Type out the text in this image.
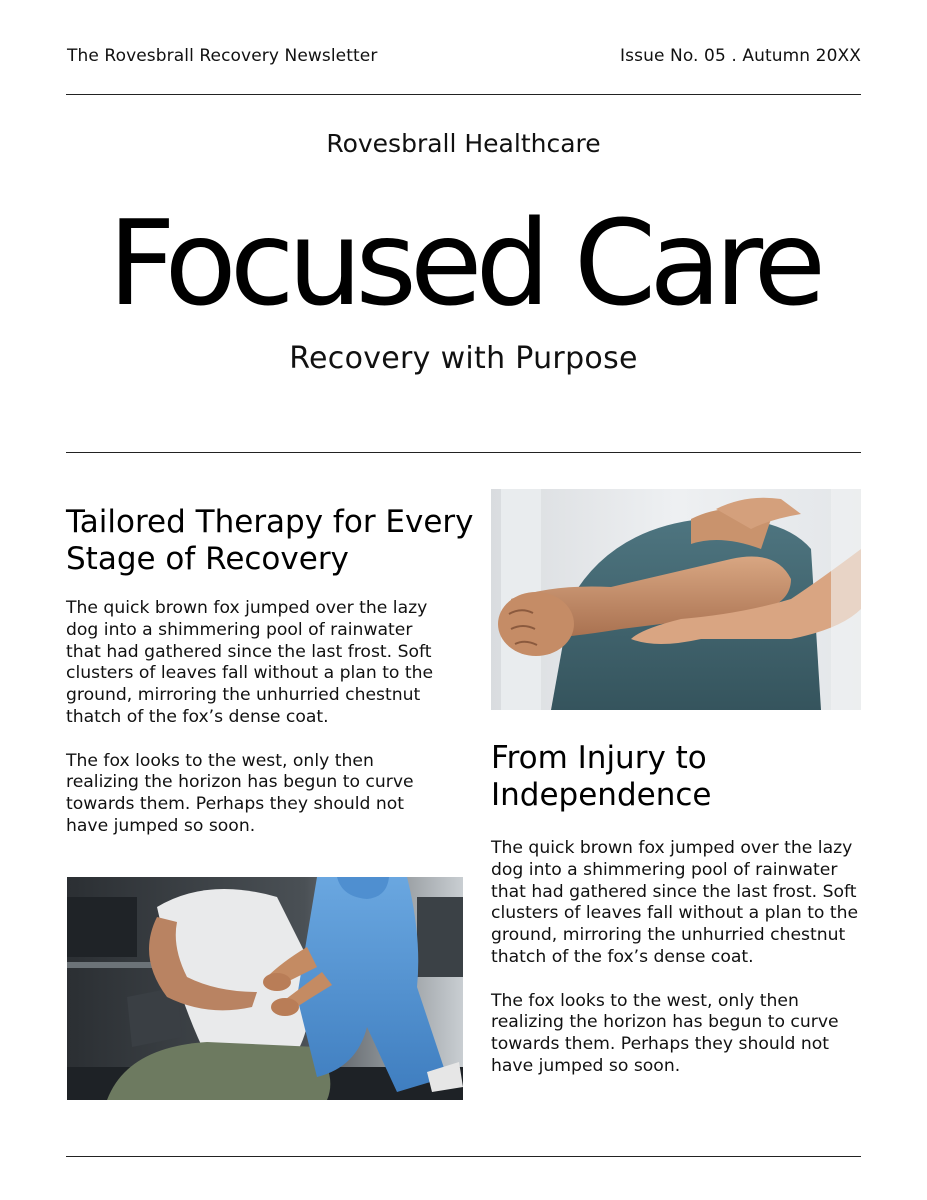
The Rovesbrall Recovery Newsletter	Issue No. 05 . Autumn 20XX
Rovesbrall Healthcare
Focused Care
Recovery with Purpose
Tailored Therapy for Every Stage of Recovery

The quick brown fox jumped over the lazy dog into a shimmering pool of rainwater that had gathered since the last frost. Soft clusters of leaves fall without a plan to the ground, mirroring the unhurried chestnut thatch of the fox’s dense coat.

The fox looks to the west, only then realizing the horizon has begun to curve towards them. Perhaps they should not have jumped so soon.

From Injury to Independence

The quick brown fox jumped over the lazy dog into a shimmering pool of rainwater that had gathered since the last frost. Soft clusters of leaves fall without a plan to the ground, mirroring the unhurried chestnut thatch of the fox’s dense coat.

The fox looks to the west, only then realizing the horizon has begun to curve towards them. Perhaps they should not have jumped so soon.
